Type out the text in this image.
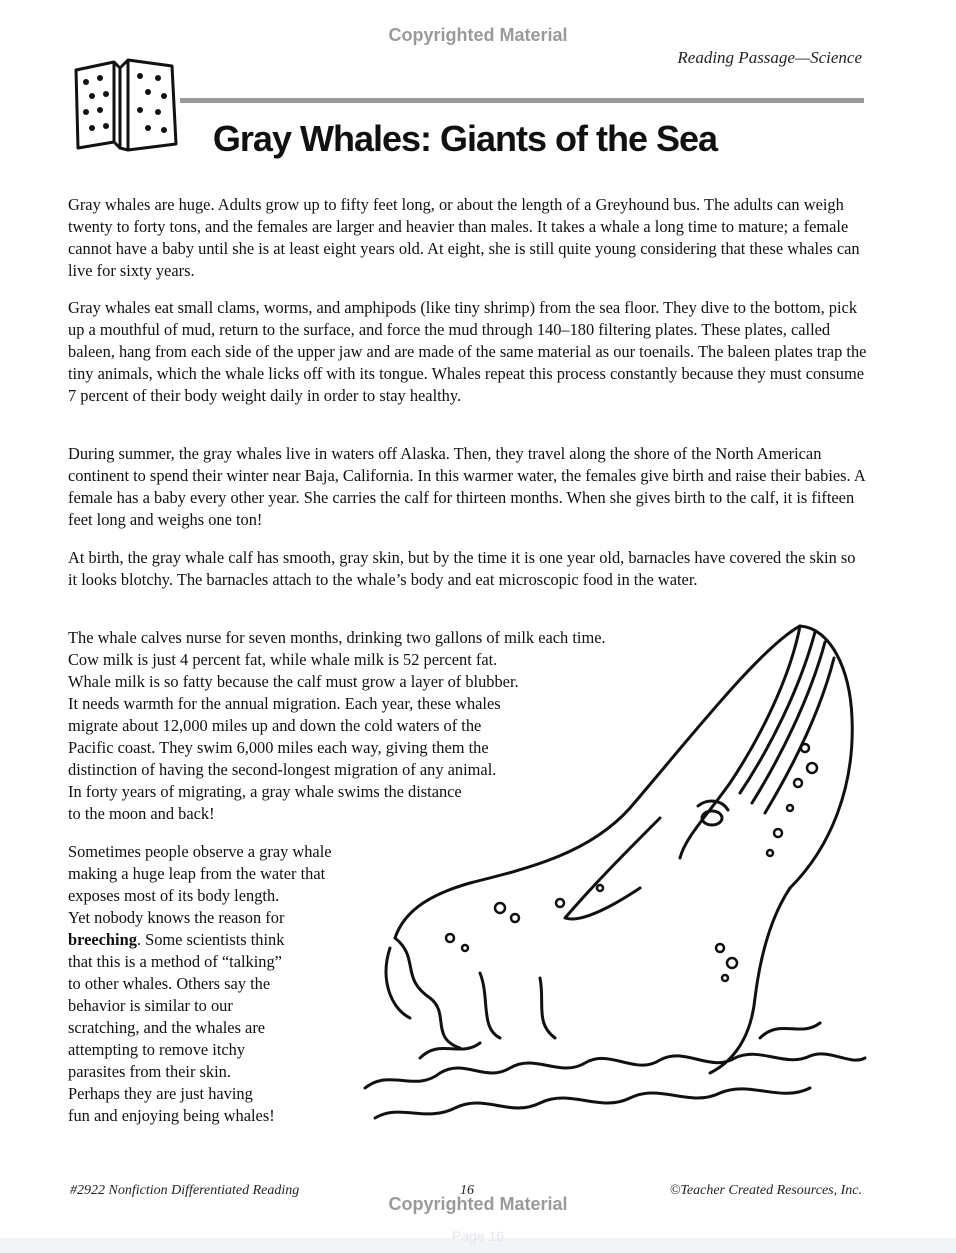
Copyrighted Material
Reading Passage—Science
Gray Whales: Giants of the Sea

Gray whales are huge. Adults grow up to fifty feet long, or about the length of a Greyhound bus. The adults can weigh twenty to forty tons, and the females are larger and heavier than males. It takes a whale a long time to mature; a female cannot have a baby until she is at least eight years old. At eight, she is still quite young considering that these whales can live for sixty years.

Gray whales eat small clams, worms, and amphipods (like tiny shrimp) from the sea floor. They dive to the bottom, pick up a mouthful of mud, return to the surface, and force the mud through 140–180 filtering plates. These plates, called baleen, hang from each side of the upper jaw and are made of the same material as our toenails. The baleen plates trap the tiny animals, which the whale licks off with its tongue. Whales repeat this process constantly because they must consume 7 percent of their body weight daily in order to stay healthy.

During summer, the gray whales live in waters off Alaska. Then, they travel along the shore of the North American continent to spend their winter near Baja, California. In this warmer water, the females give birth and raise their babies. A female has a baby every other year. She carries the calf for thirteen months. When she gives birth to the calf, it is fifteen feet long and weighs one ton!

At birth, the gray whale calf has smooth, gray skin, but by the time it is one year old, barnacles have covered the skin so it looks blotchy. The barnacles attach to the whale’s body and eat microscopic food in the water.

The whale calves nurse for seven months, drinking two gallons of milk each time.
Cow milk is just 4 percent fat, while whale milk is 52 percent fat.
Whale milk is so fatty because the calf must grow a layer of blubber.
It needs warmth for the annual migration. Each year, these whales
migrate about 12,000 miles up and down the cold waters of the
Pacific coast. They swim 6,000 miles each way, giving them the
distinction of having the second-longest migration of any animal.
In forty years of migrating, a gray whale swims the distance
to the moon and back!
Sometimes people observe a gray whale
making a huge leap from the water that
exposes most of its body length.
Yet nobody knows the reason for
breeching. Some scientists think
that this is a method of “talking”
to other whales. Others say the
behavior is similar to our
scratching, and the whales are
attempting to remove itchy
parasites from their skin.
Perhaps they are just having
fun and enjoying being whales!
#2922 Nonfiction Differentiated Reading	16	©Teacher Created Resources, Inc.
Copyrighted Material
Page 16
